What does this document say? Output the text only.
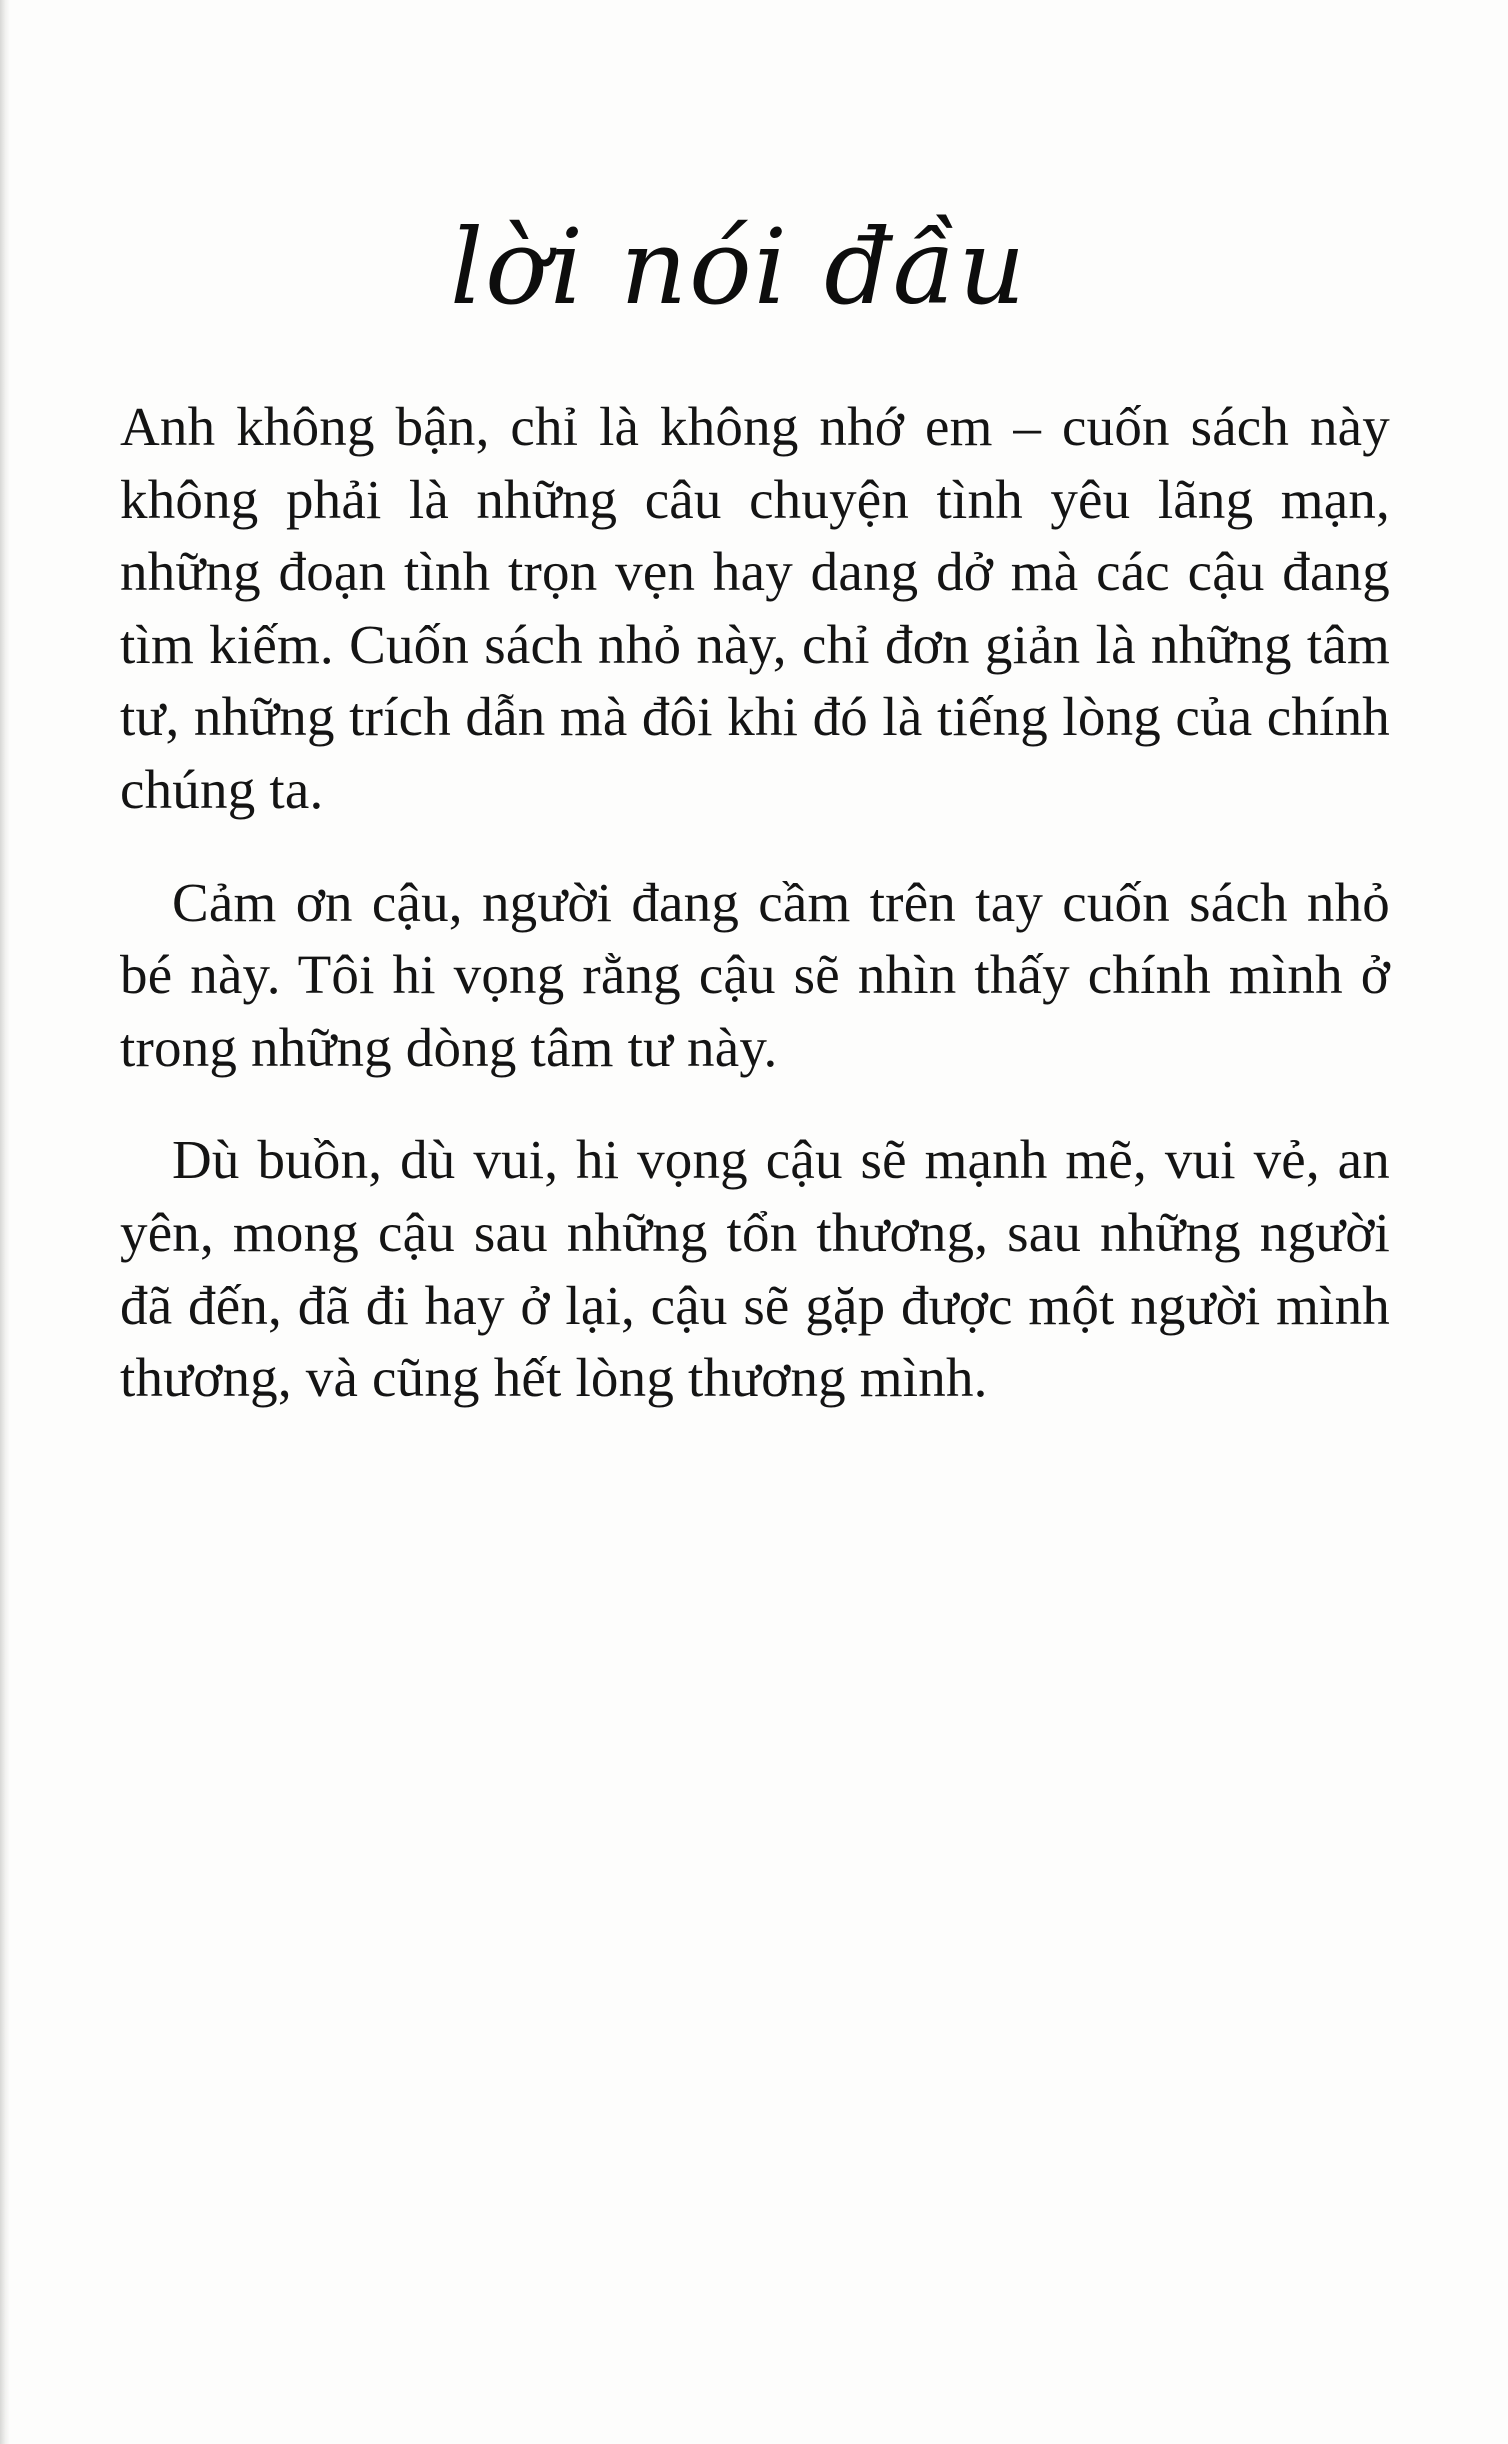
lời nói đầu

Anh không bận, chỉ là không nhớ em – cuốn sách này không phải là những câu chuyện tình yêu lãng mạn, những đoạn tình trọn vẹn hay dang dở mà các cậu đang tìm kiếm. Cuốn sách nhỏ này, chỉ đơn giản là những tâm tư, những trích dẫn mà đôi khi đó là tiếng lòng của chính chúng ta.

Cảm ơn cậu, người đang cầm trên tay cuốn sách nhỏ bé này. Tôi hi vọng rằng cậu sẽ nhìn thấy chính mình ở trong những dòng tâm tư này.

Dù buồn, dù vui, hi vọng cậu sẽ mạnh mẽ, vui vẻ, an yên, mong cậu sau những tổn thương, sau những người đã đến, đã đi hay ở lại, cậu sẽ gặp được một người mình thương, và cũng hết lòng thương mình.
